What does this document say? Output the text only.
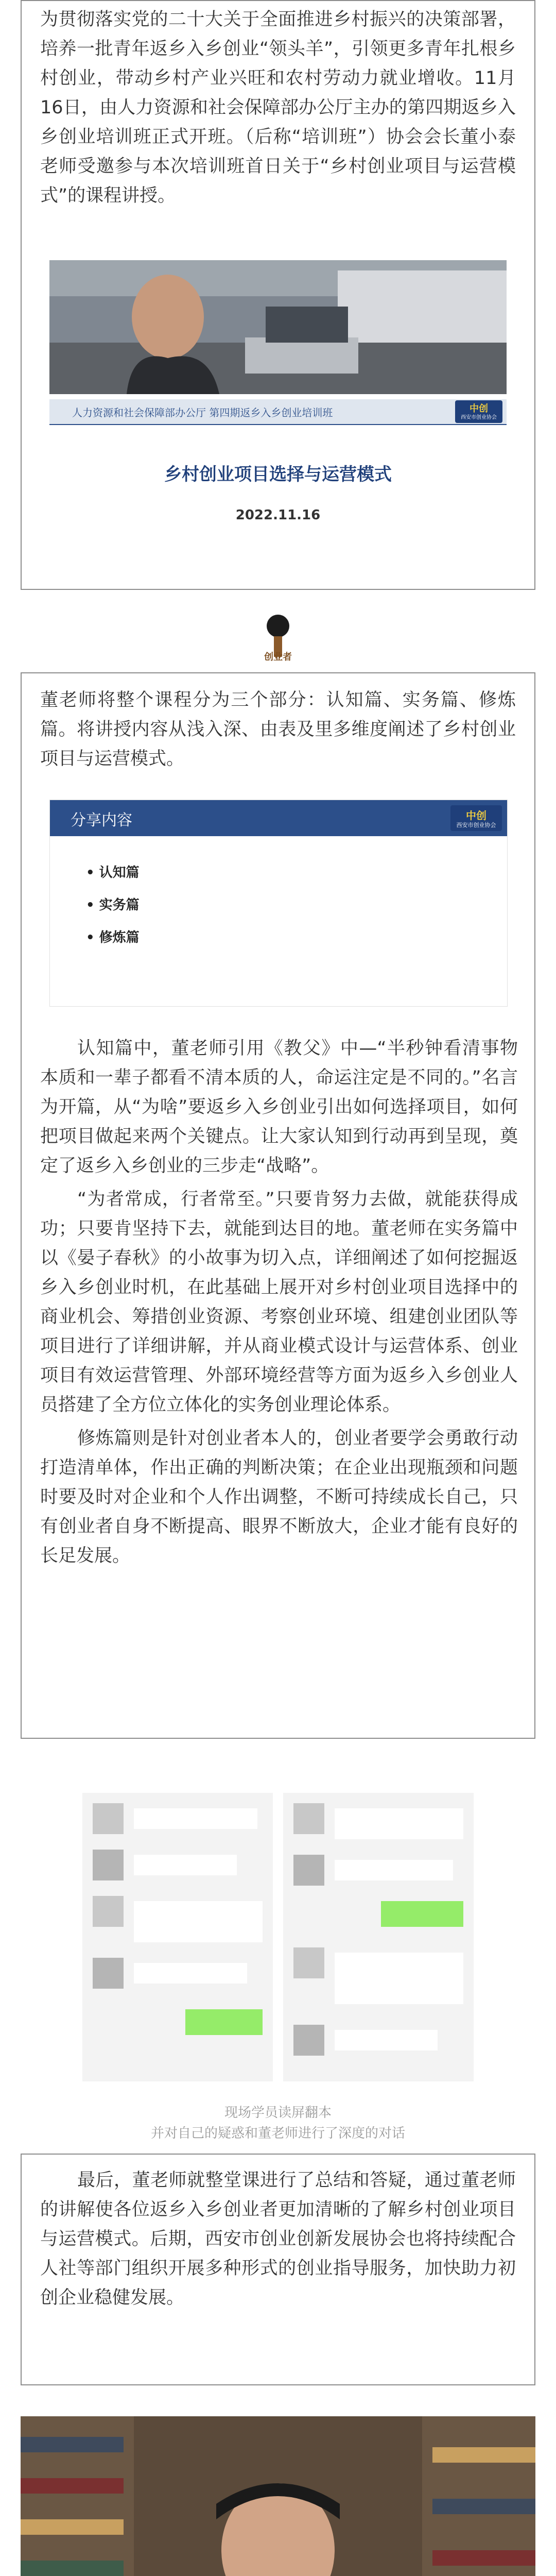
为贯彻落实党的二十大关于全面推进乡村振兴的决策部署，培养一批青年返乡入乡创业“领头羊”，引领更多青年扎根乡村创业，带动乡村产业兴旺和农村劳动力就业增收。11月16日，由人力资源和社会保障部办公厅主办的第四期返乡入乡创业培训班正式开班。（后称“培训班”）协会会长董小泰老师受邀参与本次培训班首日关于“乡村创业项目与运营模式”的课程讲授。

人力资源和社会保障部办公厅 第四期返乡入乡创业培训班	中创
西安市创业协会
乡村创业项目选择与运营模式
2022.11.16
创业者

董老师将整个课程分为三个部分：认知篇、实务篇、修炼篇。将讲授内容从浅入深、由表及里多维度阐述了乡村创业项目与运营模式。

分享内容	中创
西安市创业协会
• 认知篇
• 实务篇
• 修炼篇

认知篇中，董老师引用《教父》中—“半秒钟看清事物本质和一辈子都看不清本质的人，命运注定是不同的。”名言为开篇，从“为啥”要返乡入乡创业引出如何选择项目，如何把项目做起来两个关键点。让大家认知到行动再到呈现，奠定了返乡入乡创业的三步走“战略”。

“为者常成，行者常至。”只要肯努力去做，就能获得成功；只要肯坚持下去，就能到达目的地。董老师在实务篇中以《晏子春秋》的小故事为切入点，详细阐述了如何挖掘返乡入乡创业时机，在此基础上展开对乡村创业项目选择中的商业机会、筹措创业资源、考察创业环境、组建创业团队等项目进行了详细讲解，并从商业模式设计与运营体系、创业项目有效运营管理、外部环境经营等方面为返乡入乡创业人员搭建了全方位立体化的实务创业理论体系。

修炼篇则是针对创业者本人的，创业者要学会勇敢行动打造清单体，作出正确的判断决策；在企业出现瓶颈和问题时要及时对企业和个人作出调整，不断可持续成长自己，只有创业者自身不断提高、眼界不断放大，企业才能有良好的长足发展。

现场学员读屏翻本

并对自己的疑惑和董老师进行了深度的对话

最后，董老师就整堂课进行了总结和答疑，通过董老师的讲解使各位返乡入乡创业者更加清晰的了解乡村创业项目与运营模式。后期，西安市创业创新发展协会也将持续配合人社等部门组织开展多种形式的创业指导服务，加快助力初创企业稳健发展。
